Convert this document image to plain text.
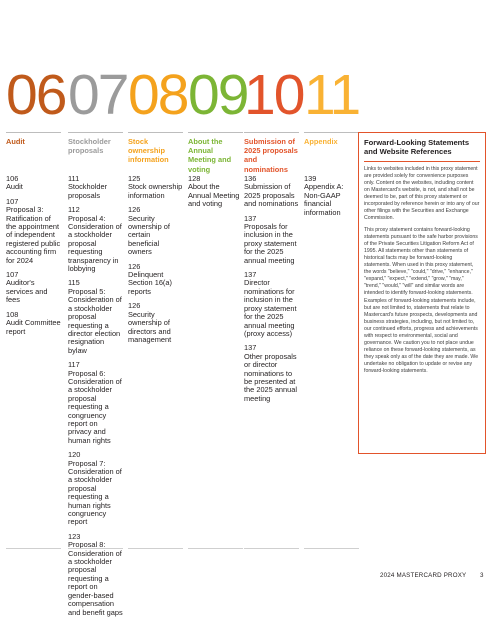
06 07 08 09
10 11
Audit
106
Audit
107
Proposal 3: Ratification of the appointment of independent registered public accounting firm for 2024
107
Auditor's services and fees
108
Audit Committee report
Stockholder proposals
111
Stockholder proposals
112
Proposal 4: Consideration of a stockholder proposal requesting transparency in lobbying
115
Proposal 5: Consideration of a stockholder proposal requesting a director election resignation bylaw
117
Proposal 6: Consideration of a stockholder proposal requesting a congruency report on privacy and human rights
120
Proposal 7: Consideration of a stockholder proposal requesting a human rights congruency report
123
Proposal 8: Consideration of a stockholder proposal requesting a report on gender-based compensation and benefit gaps
Stock ownership information
125
Stock ownership information
126
Security ownership of certain beneficial owners
126
Delinquent Section 16(a) reports
126
Security ownership of directors and management
About the Annual Meeting and voting
128
About the Annual Meeting and voting
Submission of 2025 proposals and nominations
136
Submission of 2025 proposals and nominations
137
Proposals for inclusion in the proxy statement for the 2025 annual meeting
137
Director nominations for inclusion in the proxy statement for the 2025 annual meeting (proxy access)
137
Other proposals or director nominations to be presented at the 2025 annual meeting
Appendix
139
Appendix A: Non-GAAP financial information
Forward-Looking Statements and Website References

Links to websites included in this proxy statement are provided solely for convenience purposes only. Content on the websites, including content on Mastercard's website, is not, and shall not be deemed to be, part of this proxy statement or incorporated by reference herein or into any of our other filings with the Securities and Exchange Commission.

This proxy statement contains forward-looking statements pursuant to the safe harbor provisions of the Private Securities Litigation Reform Act of 1995. All statements other than statements of historical facts may be forward-looking statements. When used in this proxy statement, the words "believe," "could," "drive," "enhance," "expand," "expect," "extend," "grow," "may," "trend," "would," "will" and similar words are intended to identify forward-looking statements. Examples of forward-looking statements include, but are not limited to, statements that relate to Mastercard's future prospects, developments and business strategies, including, but not limited to, our continued efforts, progress and achievements with respect to environmental, social and governance. We caution you to not place undue reliance on these forward-looking statements, as they speak only as of the date they are made. We undertake no obligation to update or revise any forward-looking statements.

2024 MASTERCARD PROXY 3
